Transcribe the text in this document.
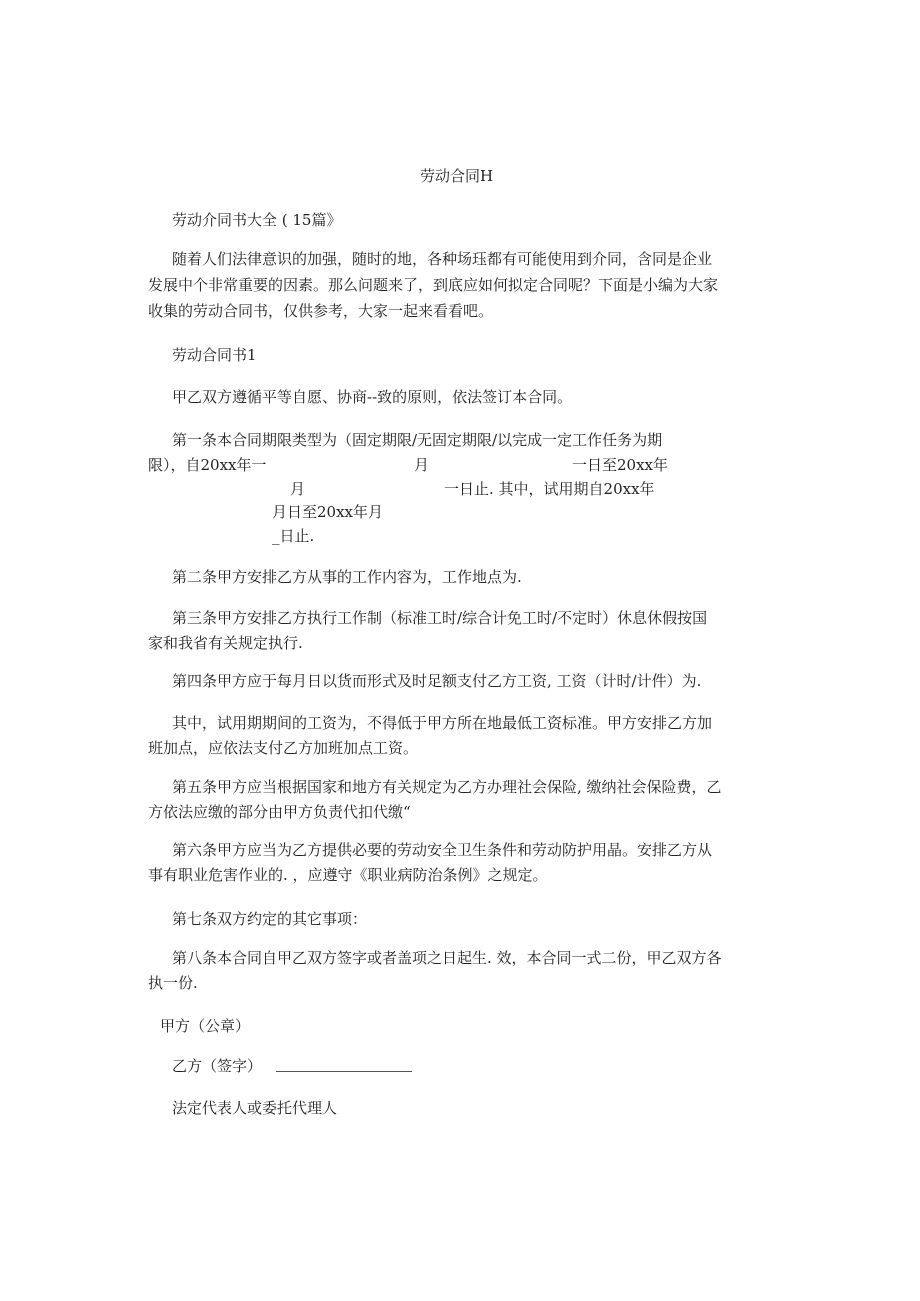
劳动合同H

劳动介同书大全 ( 15篇》

随着人们法律意识的加强，随时的地，各种场珏都有可能使用到介同，含同是企业

发展中个非常重要的因素。那么问题来了，到底应如何拟定合同呢？下面是小编为大家

收集的劳动合同书，仅供参考，大家一起来看看吧。

劳动合同书1

甲乙双方遵循平等自愿、协商--致的原则，依法签订本合同。

第一条本合同期限类型为（固定期限/无固定期限/以完成一定工作任务为期

限），自20xx年一	月	一日至20xx年

月	一日止. 其中，试用期自20xx年

月日至20xx年月

_日止.

第二条甲方安排乙方从事的工作内容为，工作地点为.

第三条甲方安排乙方执行工作制（标准工时/综合计免工时/不定时）休息休假按国

家和我省有关规定执行.

第四条甲方应于每月日以货而形式及时足额支付乙方工资, 工资（计时/计件）为.

其中，试用期期间的工资为，不得低于甲方所在地最低工资标准。甲方安排乙方加

班加点，应依法支付乙方加班加点工资。

第五条甲方应当根据国家和地方有关规定为乙方办理社会保险, 缴纳社会保险费，乙

方依法应缴的部分由甲方负责代扣代缴“

第六条甲方应当为乙方提供必要的劳动安全卫生条件和劳动防护用晶。安排乙方从

事有职业危害作业的. ，应遵守《职业病防治条例》之规定。

第七条双方约定的其它事项：

第八条本合同自甲乙双方签字或者盖项之日起生. 效，本合同一式二份，甲乙双方各

执一份.

甲方（公章）

乙方（签字）

法定代表人或委托代理人
